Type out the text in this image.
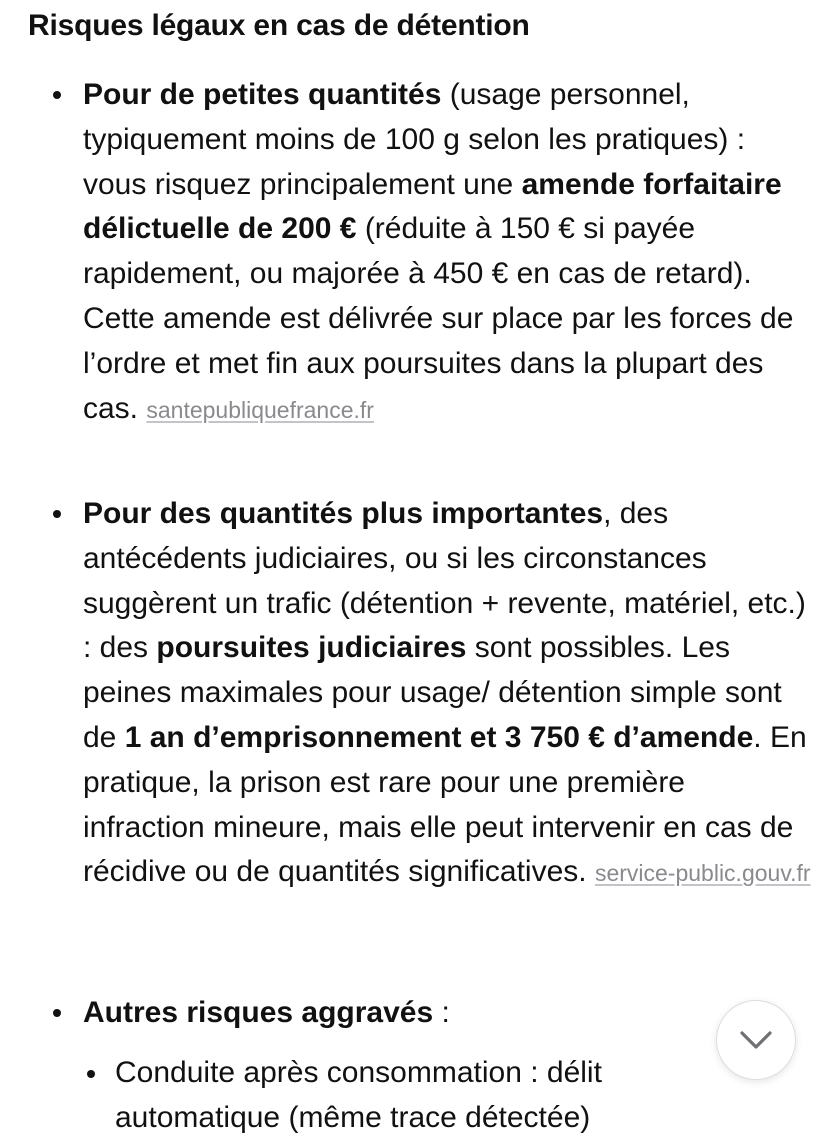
Risques légaux en cas de détention

Pour de petites quantités (usage personnel, typiquement moins de 100 g selon les pratiques) : vous risquez principalement une amende forfaitaire délictuelle de 200 € (réduite à 150 € si payée rapidement, ou majorée à 450 € en cas de retard). Cette amende est délivrée sur place par les forces de l’ordre et met fin aux poursuites dans la plupart des cas. santepubliquefrance.fr

Pour des quantités plus importantes, des antécédents judiciaires, ou si les circonstances suggèrent un trafic (détention + revente, matériel, etc.) : des poursuites judiciaires sont possibles. Les peines maximales pour usage/ détention simple sont de 1 an d’emprisonnement et 3 750 € d’amende. En pratique, la prison est rare pour une première infraction mineure, mais elle peut intervenir en cas de récidive ou de quantités significatives. service-public.gouv.fr

Autres risques aggravés :

Conduite après consommation : délit
automatique (même trace détectée)
